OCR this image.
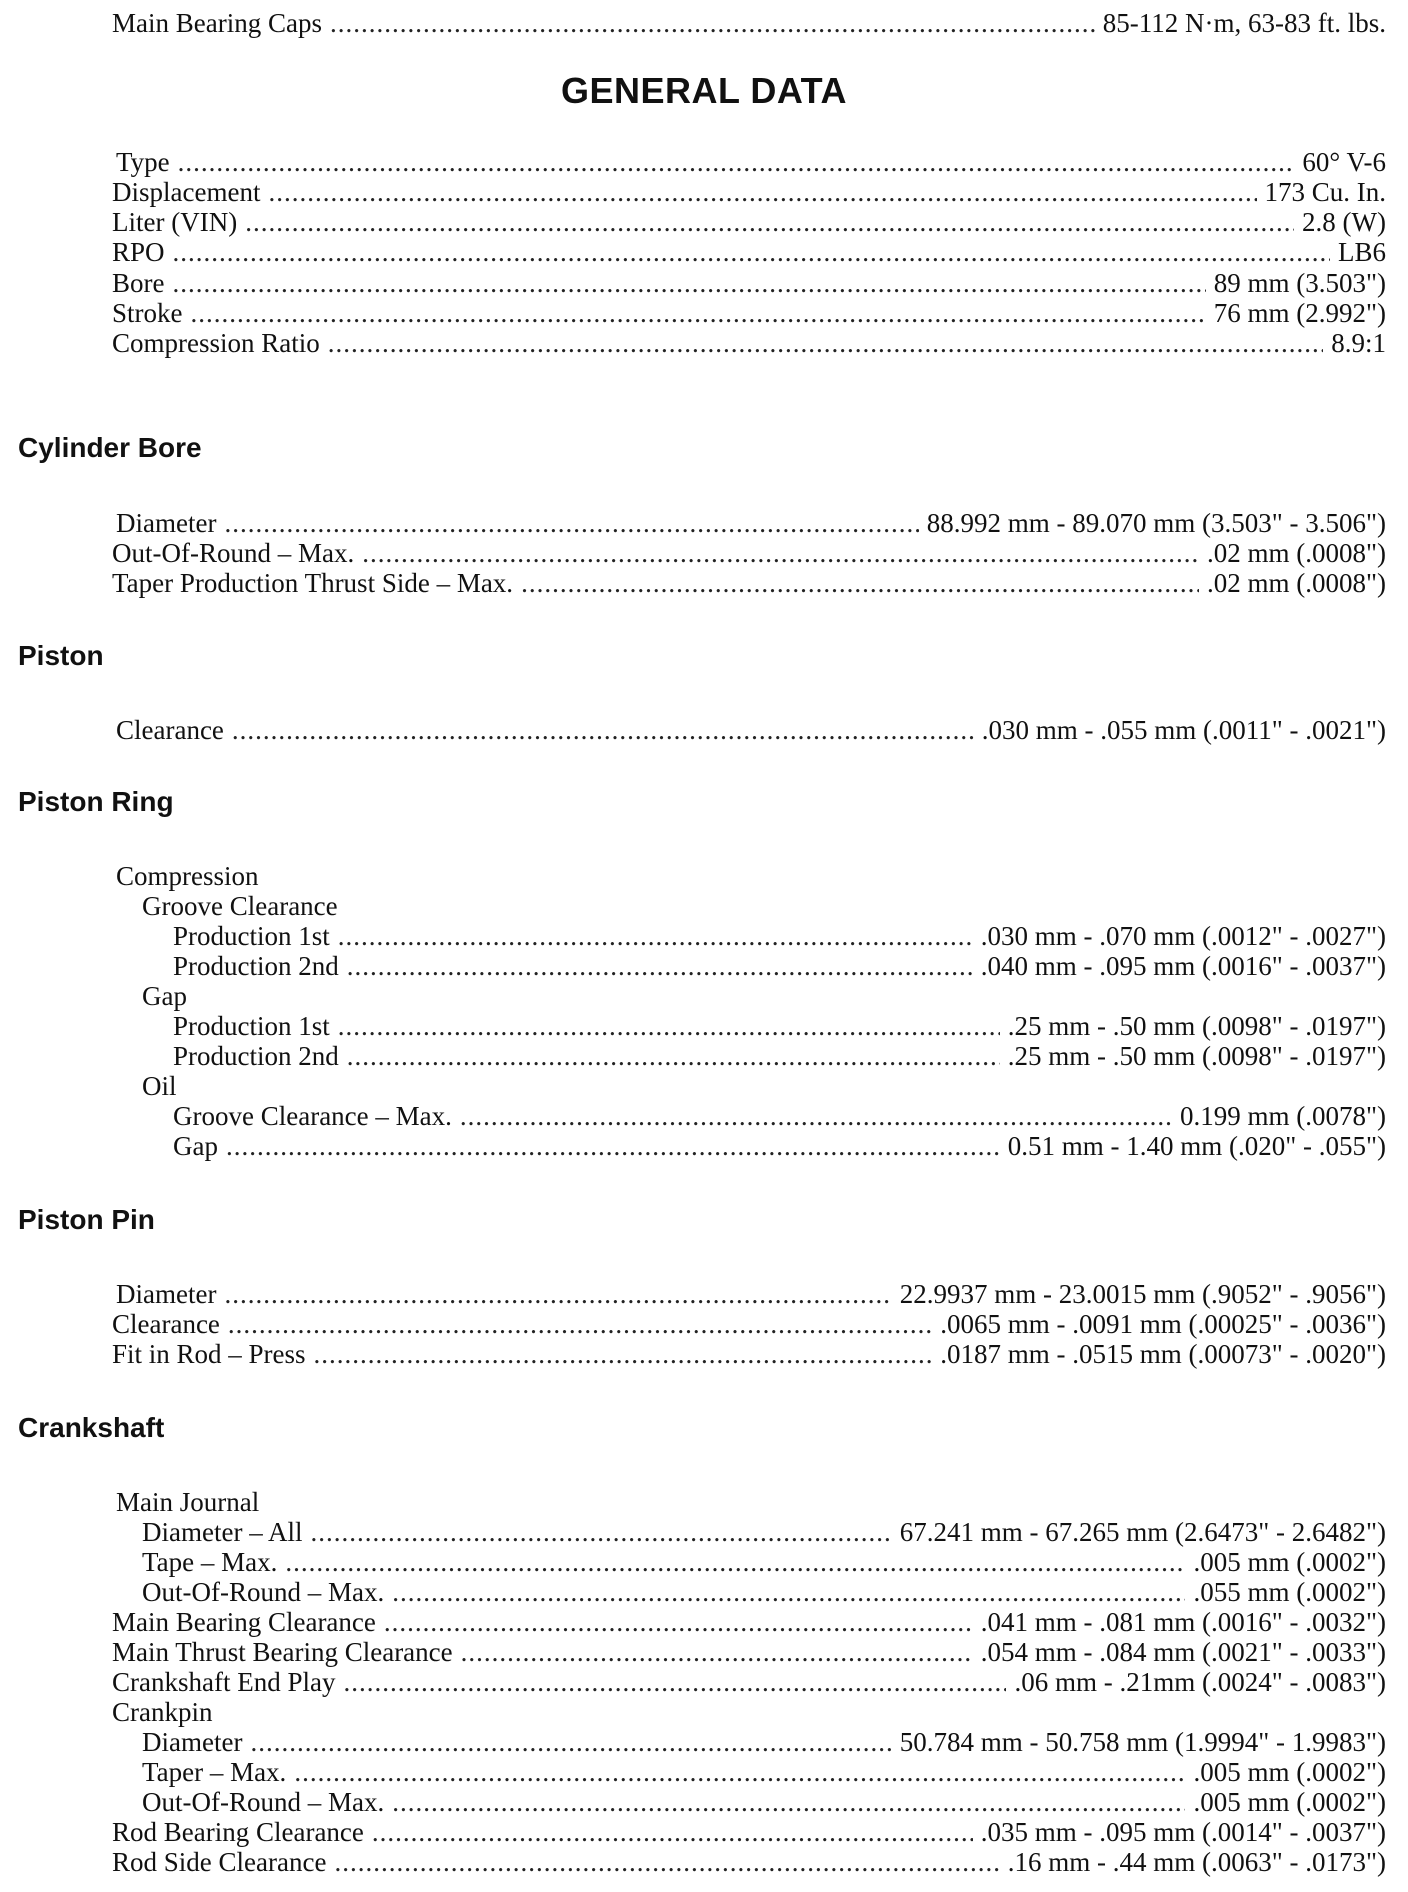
Main Bearing Caps .....	85-112 N·m, 63-83 ft. lbs.
GENERAL DATA
Type .....	60° V-6
Displacement .....	173 Cu. In.
Liter (VIN) .....	2.8 (W)
RPO .....	LB6
Bore .....	89 mm (3.503")
Stroke .....	76 mm (2.992")
Compression Ratio .....	8.9:1
Cylinder Bore
Diameter .....	88.992 mm - 89.070 mm (3.503" - 3.506")
Out-Of-Round – Max. .....	.02 mm (.0008")
Taper Production Thrust Side – Max. .....	.02 mm (.0008")
Piston
Clearance .....	.030 mm - .055 mm (.0011" - .0021")
Piston Ring
Compression
Groove Clearance
Production 1st .....	.030 mm - .070 mm (.0012" - .0027")
Production 2nd .....	.040 mm - .095 mm (.0016" - .0037")
Gap
Production 1st .....	.25 mm - .50 mm (.0098" - .0197")
Production 2nd .....	.25 mm - .50 mm (.0098" - .0197")
Oil
Groove Clearance – Max. .....	0.199 mm (.0078")
Gap .....	0.51 mm - 1.40 mm (.020" - .055")
Piston Pin
Diameter .....	22.9937 mm - 23.0015 mm (.9052" - .9056")
Clearance .....	.0065 mm - .0091 mm (.00025" - .0036")
Fit in Rod – Press .....	.0187 mm - .0515 mm (.00073" - .0020")
Crankshaft
Main Journal
Diameter – All .....	67.241 mm - 67.265 mm (2.6473" - 2.6482")
Tape – Max. .....	.005 mm (.0002")
Out-Of-Round – Max. .....	.055 mm (.0002")
Main Bearing Clearance .....	.041 mm - .081 mm (.0016" - .0032")
Main Thrust Bearing Clearance .....	.054 mm - .084 mm (.0021" - .0033")
Crankshaft End Play .....	.06 mm - .21mm (.0024" - .0083")
Crankpin
Diameter .....	50.784 mm - 50.758 mm (1.9994" - 1.9983")
Taper – Max. .....	.005 mm (.0002")
Out-Of-Round – Max. .....	.005 mm (.0002")
Rod Bearing Clearance .....	.035 mm - .095 mm (.0014" - .0037")
Rod Side Clearance .....	.16 mm - .44 mm (.0063" - .0173")
